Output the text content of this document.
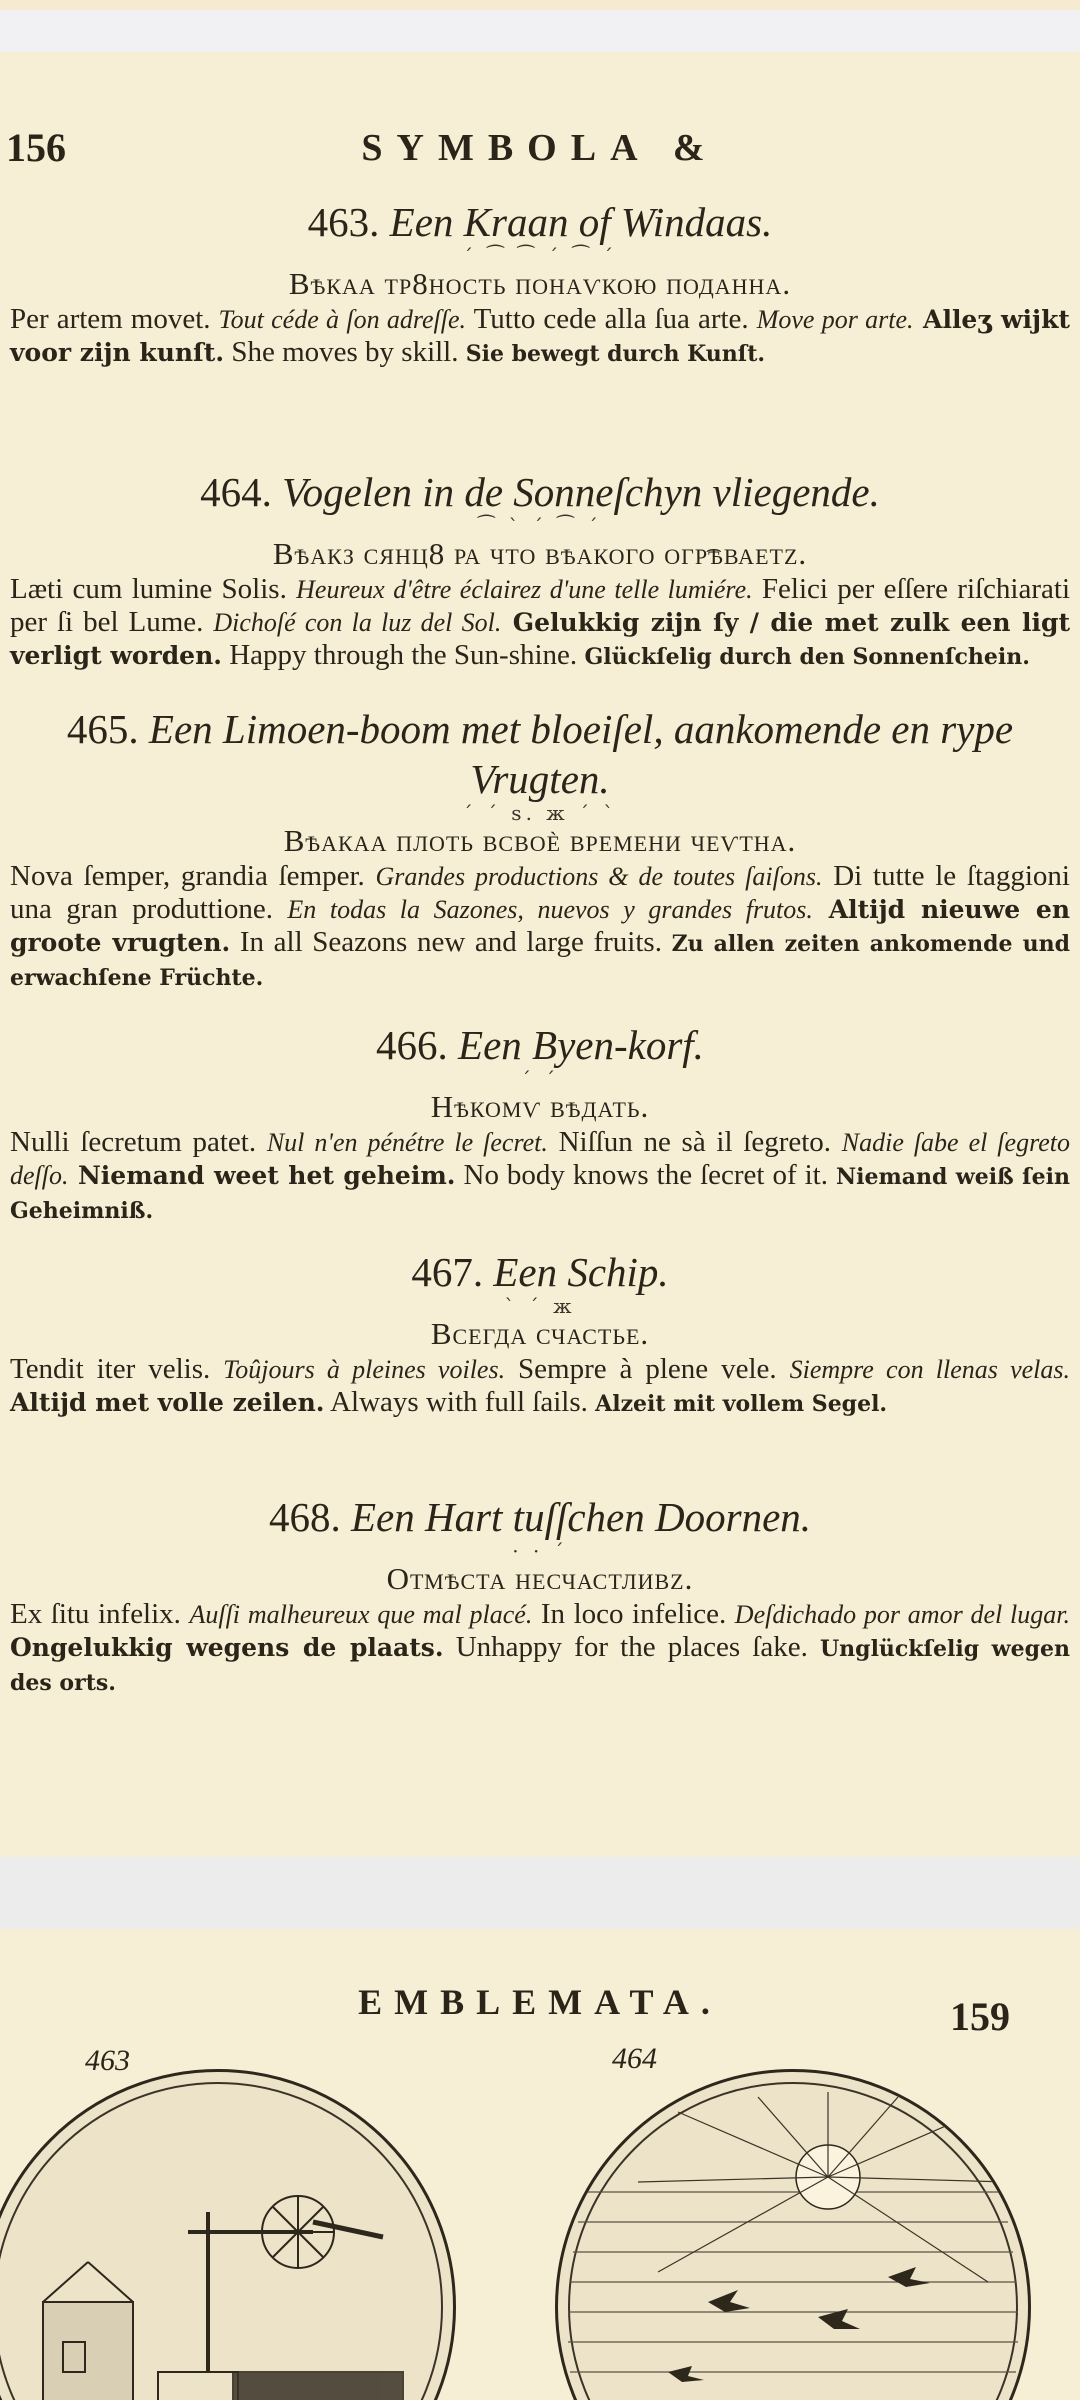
156	SYMBOLA &
463. Een Kraan of Windaas.
´ ⁀ ⁀ ´ ⁀ ´
Вѣкаа тр8ность понаѵкою поданна.
Per artem movet. Tout céde à ſon adreſſe. Tutto cede alla ſua arte. Move por arte. Alleʒ wijkt voor zijn kunſt. She moves by skill. Sie bewegt durch Kunſt.
464. Vogelen in de Sonneſchyn vliegende.
⁀ ` ´ ⁀ ´
Вѣакз сянц8 ра что вѣакого огр͡ѣваетz.
Læti cum lumine Solis. Heureux d'être éclairez d'une telle lumiére. Felici per eſſere riſchiarati per ſi bel Lume. Dichoſé con la luz del Sol. Gelukkig zijn ſy / die met zulk een ligt verligt worden. Happy through the Sun-shine. Glückſelig durch den Sonnenſchein.
465. Een Limoen-boom met bloeiſel, aankomende en rype Vrugten.
´ ´ s. ж ´ `
Вѣакаа плоть всвоѐ времени чеѵтна.
Nova ſemper, grandia ſemper. Grandes productions & de toutes ſaiſons. Di tutte le ſtaggioni una gran produttione. En todas la Sazones, nuevos y grandes frutos. Altijd nieuwe en groote vrugten. In all Seazons new and large fruits. Zu allen zeiten ankomende und erwachſene Früchte.
466. Een Byen-korf.
´ ´
Нѣкомѵ вѣдать.
Nulli ſecretum patet. Nul n'en pénétre le ſecret. Niſſun ne sà il ſegreto. Nadie ſabe el ſegreto deſſo. Niemand weet het geheim. No body knows the ſecret of it. Niemand weiß ſein Geheimniß.
467. Een Schip.
` ´ ж
Всегда счастье.
Tendit iter velis. Toûjours à pleines voiles. Sempre à plene vele. Siempre con llenas velas. Altijd met volle zeilen. Always with full ſails. Alzeit mit vollem Segel.
468. Een Hart tuſſchen Doornen.
· · ´
Отмѣста несчастливz.
Ex ſitu infelix. Auſſi malheureux que mal placé. In loco infelice. Deſdichado por amor del lugar. Ongelukkig wegens de plaats. Unhappy for the places ſake. Unglückſelig wegen des orts.
EMBLEMATA.	159
463	464
